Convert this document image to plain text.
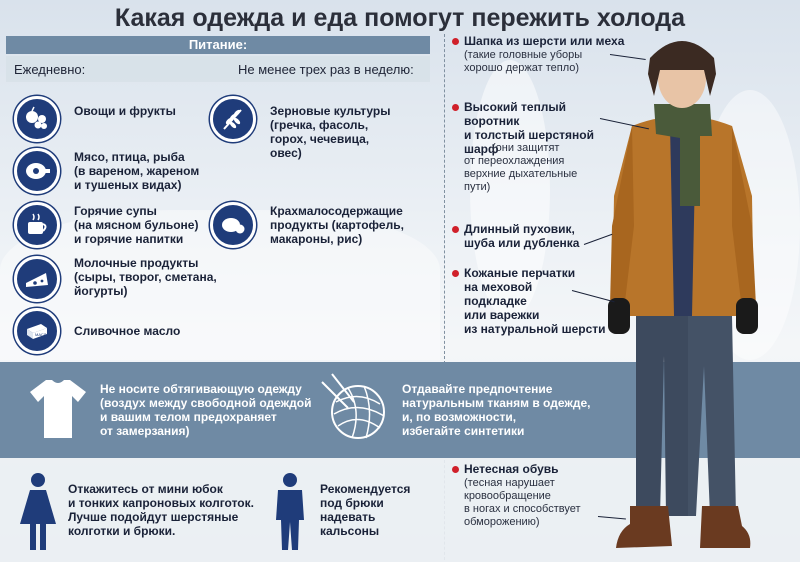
Какая одежда и еда помогут пережить холода
Питание:
Ежедневно:	Не менее трех раз в неделю:
Овощи и фрукты
Мясо, птица, рыба
(в вареном, жареном
и тушеных видах)
Горячие супы
(на мясном бульоне)
и горячие напитки
Молочные продукты
(сыры, творог, сметана,
йогурты)
МАСЛО Сливочное масло
Зерновые культуры
(гречка, фасоль,
горох, чечевица,
овес)
Крахмалосодержащие
продукты (картофель,
макароны, рис)
Не носите обтягивающую одежду
(воздух между свободной одеждой
и вашим телом предохраняет
от замерзания)
Отдавайте предпочтение
натуральным тканям в одежде,
и, по возможности,
избегайте синтетики
Откажитесь от мини юбок
и тонких капроновых колготок.
Лучше подойдут шерстяные
колготки и брюки.
Рекомендуется
под брюки
надевать
кальсоны
Шапка из шерсти или меха
(такие головные уборы
хорошо держат тепло)
Высокий теплый
воротник
и толстый шерстяной
шарф
(они защитят
от переохлаждения
верхние дыхательные
пути)
Длинный пуховик,
шуба или дубленка
Кожаные перчатки
на меховой
подкладке
или варежки
из натуральной шерсти
Нетесная обувь
(тесная нарушает
кровообращение
в ногах и способствует
обморожению)
